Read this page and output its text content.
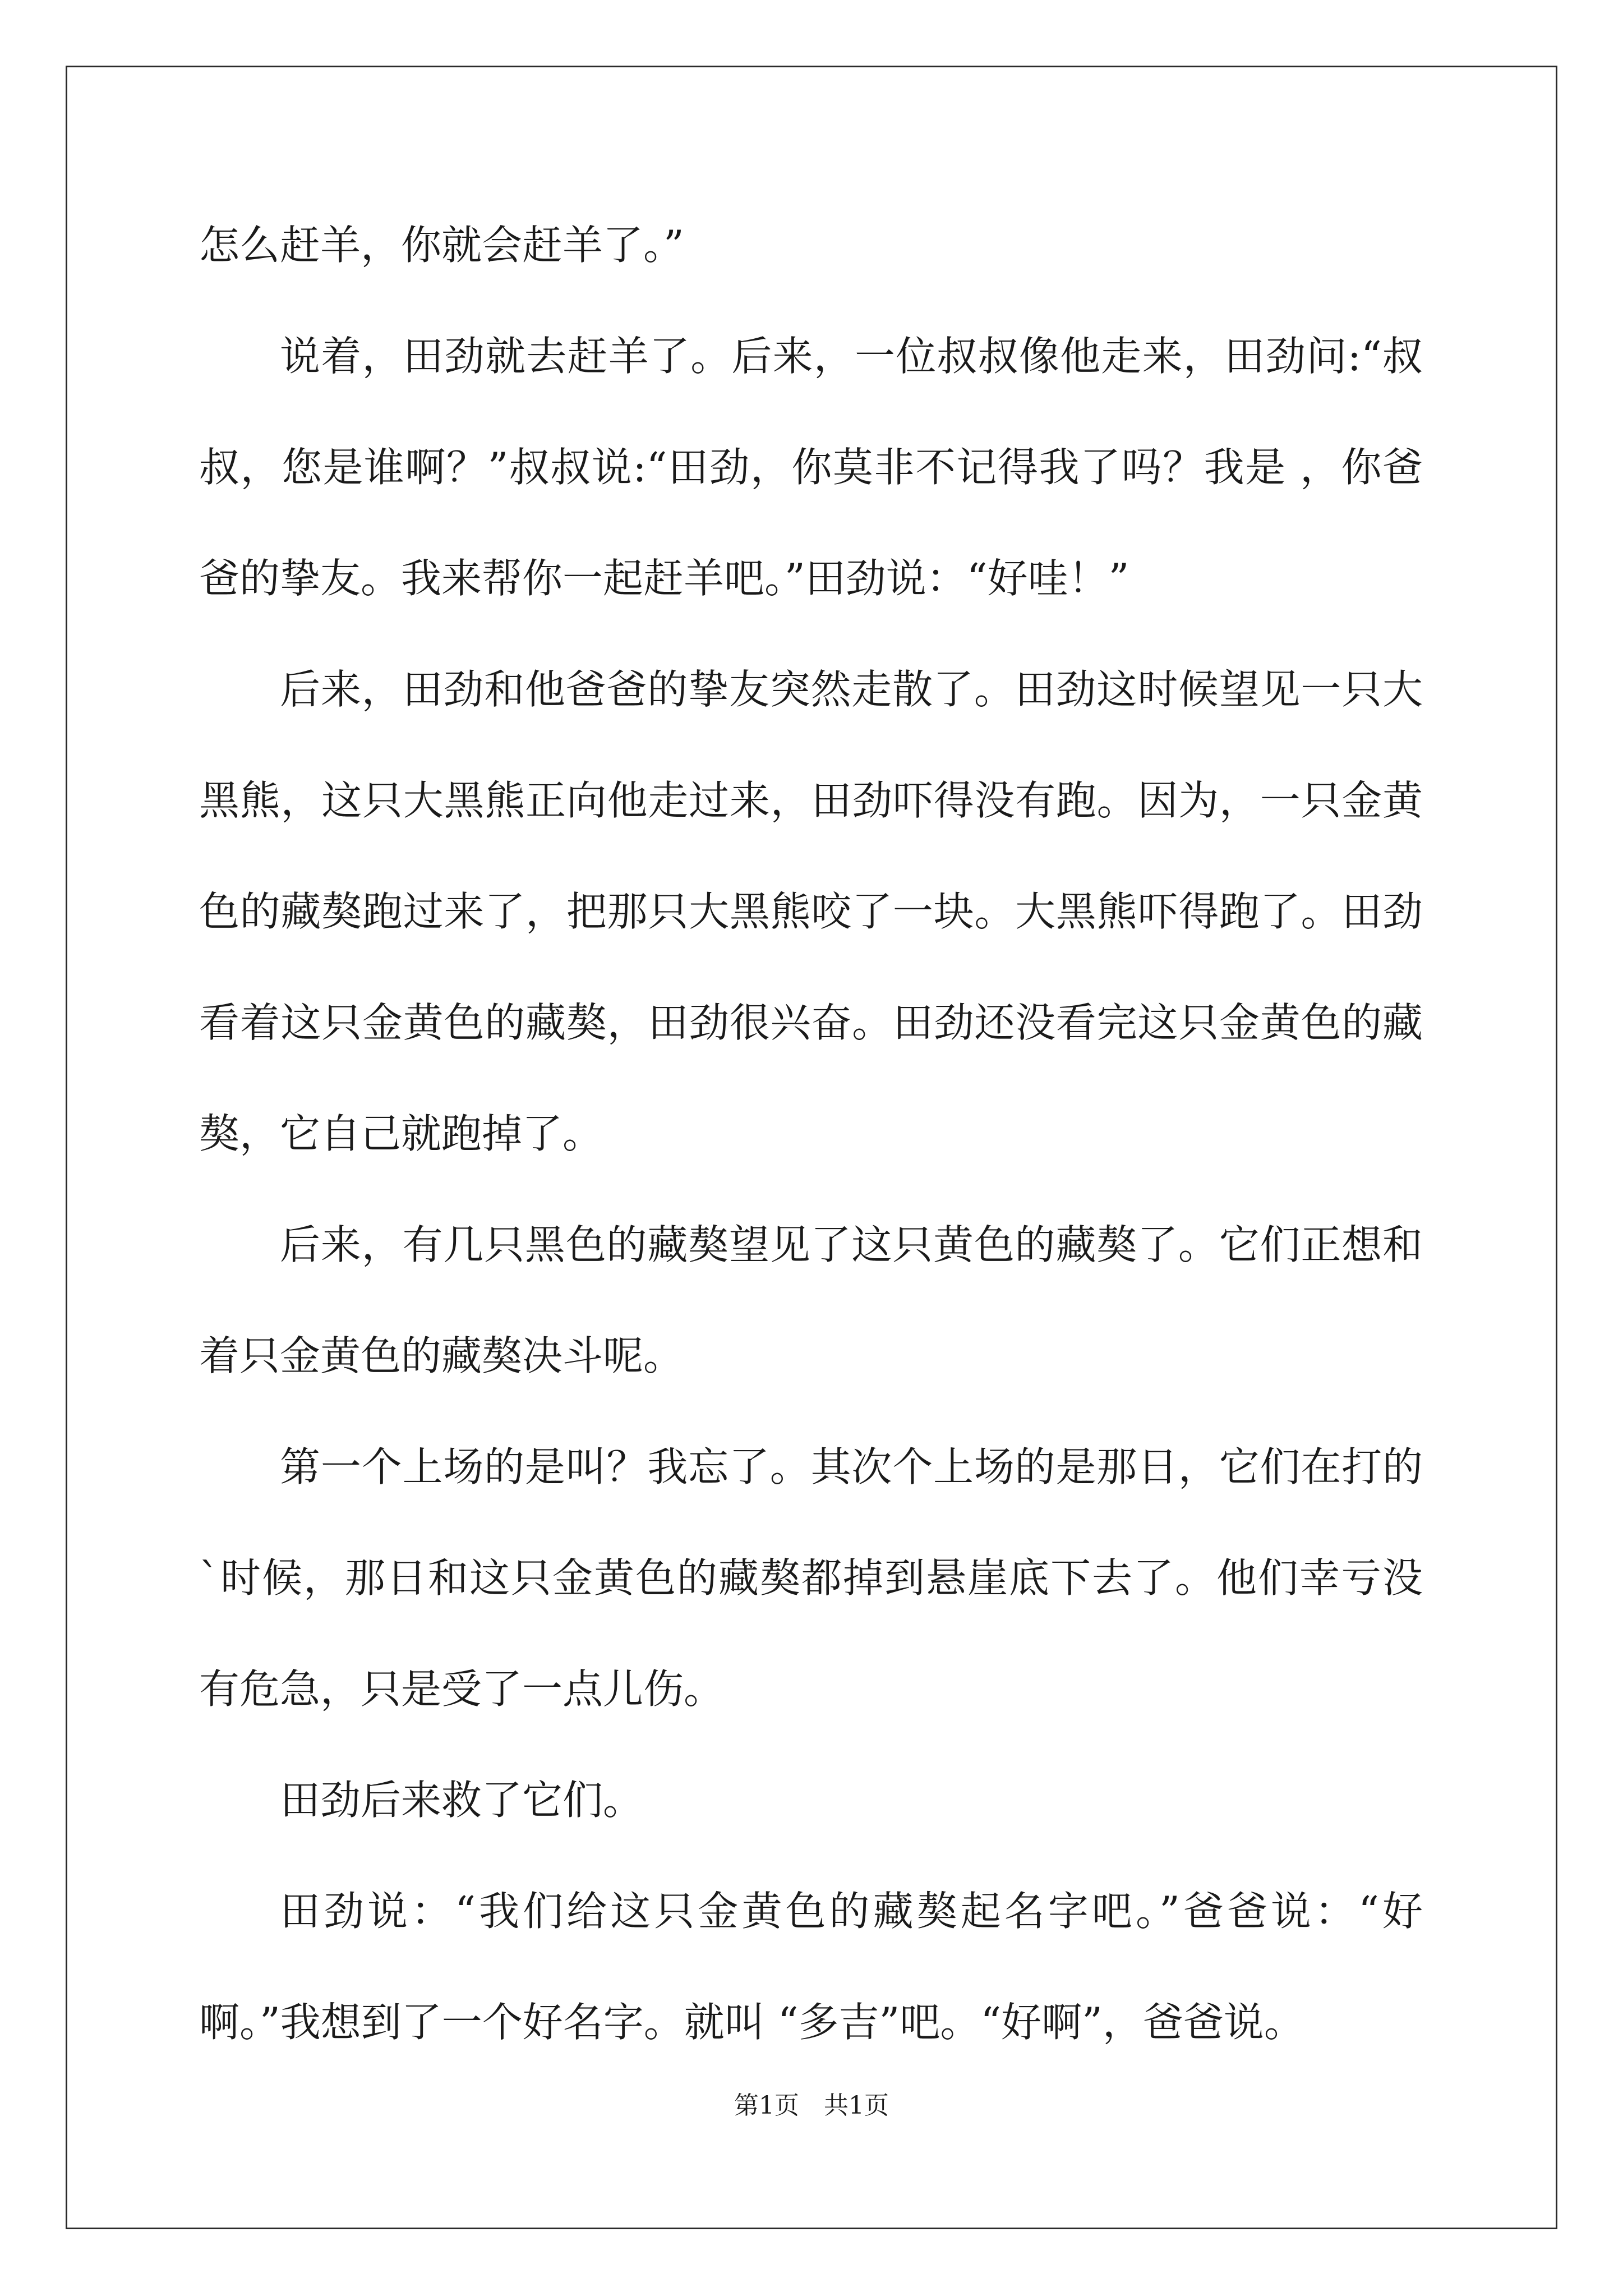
怎么赶羊，你就会赶羊了。”

说着，田劲就去赶羊了。后来，一位叔叔像他走来，田劲问:“叔叔，您是谁啊？”叔叔说:“田劲，你莫非不记得我了吗？我是 ，你爸爸的挚友。我来帮你一起赶羊吧。”田劲说：“好哇！”

后来，田劲和他爸爸的挚友突然走散了。田劲这时候望见一只大黑熊，这只大黑熊正向他走过来，田劲吓得没有跑。因为，一只金黄色的藏獒跑过来了，把那只大黑熊咬了一块。大黑熊吓得跑了。田劲看着这只金黄色的藏獒，田劲很兴奋。田劲还没看完这只金黄色的藏獒，它自己就跑掉了。

后来，有几只黑色的藏獒望见了这只黄色的藏獒了。它们正想和着只金黄色的藏獒决斗呢。

第一个上场的是叫？我忘了。其次个上场的是那日，它们在打的`时候，那日和这只金黄色的藏獒都掉到悬崖底下去了。他们幸亏没有危急，只是受了一点儿伤。

田劲后来救了它们。

田劲说：“我们给这只金黄色的藏獒起名字吧。”爸爸说：“好啊。”我想到了一个好名字。就叫 “多吉”吧。“好啊”，爸爸说。

第1页　共1页
